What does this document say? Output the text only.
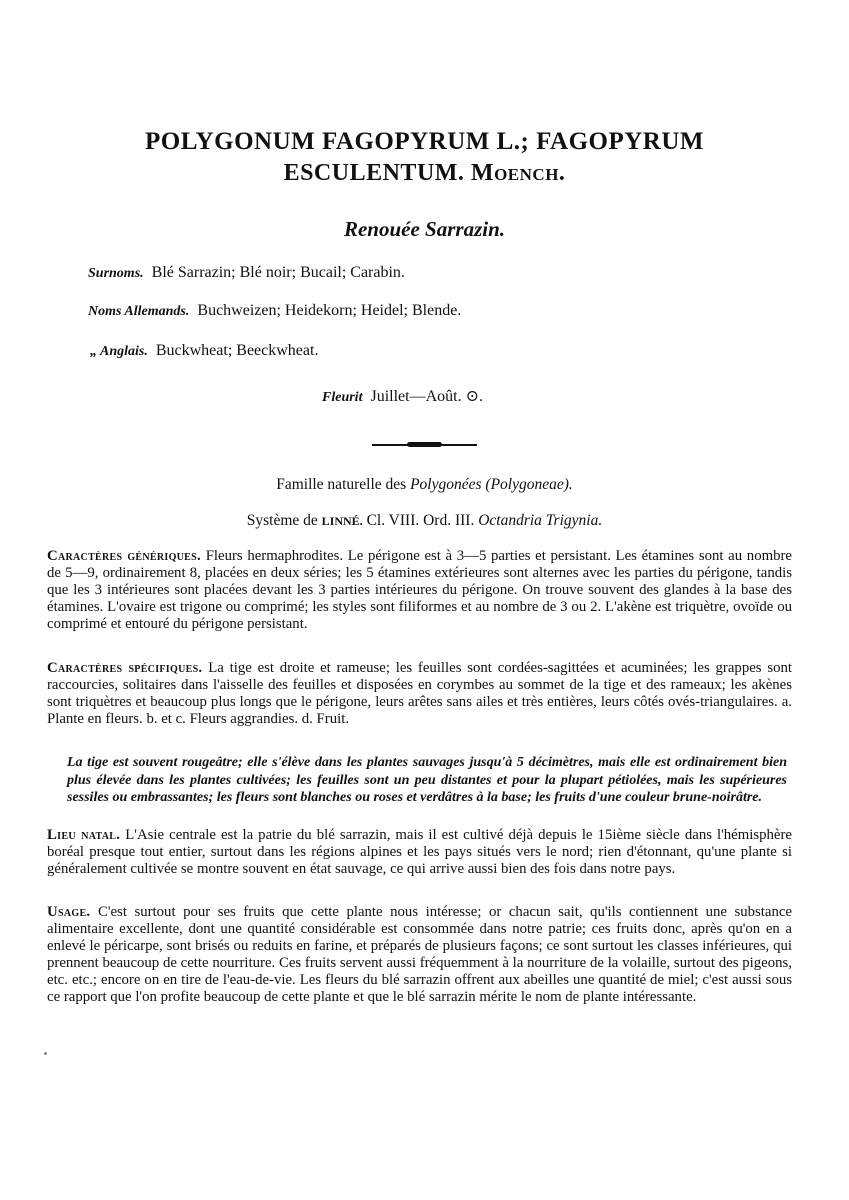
POLYGONUM FAGOPYRUM L.; FAGOPYRUM
ESCULENTUM. Moench.
Renouée Sarrazin.
Surnoms. Blé Sarrazin; Blé noir; Bucail; Carabin.
Noms Allemands. Buchweizen; Heidekorn; Heidel; Blende.
„ Anglais. Buckwheat; Beeckwheat.
Fleurit Juillet—Août. ⊙.
Famille naturelle des Polygonées (Polygoneae).
Système de LINNÉ. Cl. VIII. Ord. III. Octandria Trigynia.
Caractères génériques. Fleurs hermaphrodites. Le périgone est à 3—5 parties et persistant. Les étamines sont au nombre de 5—9, ordinairement 8, placées en deux séries; les 5 étamines extérieures sont alternes avec les parties du périgone, tandis que les 3 intérieures sont placées devant les 3 parties intérieures du périgone. On trouve souvent des glandes à la base des étamines. L'ovaire est trigone ou comprimé; les styles sont filiformes et au nombre de 3 ou 2. L'akène est triquètre, ovoïde ou comprimé et entouré du périgone persistant.
Caractères spécifiques. La tige est droite et rameuse; les feuilles sont cordées-sagittées et acuminées; les grappes sont raccourcies, solitaires dans l'aisselle des feuilles et disposées en corymbes au sommet de la tige et des rameaux; les akènes sont triquètres et beaucoup plus longs que le périgone, leurs arêtes sans ailes et très entières, leurs côtés ovés-triangulaires. a. Plante en fleurs. b. et c. Fleurs aggrandies. d. Fruit.
La tige est souvent rougeâtre; elle s'élève dans les plantes sauvages jusqu'à 5 décimètres, mais elle est ordinairement bien plus élevée dans les plantes cultivées; les feuilles sont un peu distantes et pour la plupart pétiolées, mais les supérieures sessiles ou embrassantes; les fleurs sont blanches ou roses et verdâtres à la base; les fruits d'une couleur brune-noirâtre.
Lieu natal. L'Asie centrale est la patrie du blé sarrazin, mais il est cultivé déjà depuis le 15ième siècle dans l'hémisphère boréal presque tout entier, surtout dans les régions alpines et les pays situés vers le nord; rien d'étonnant, qu'une plante si généralement cultivée se montre souvent en état sauvage, ce qui arrive aussi bien des fois dans notre pays.
Usage. C'est surtout pour ses fruits que cette plante nous intéresse; or chacun sait, qu'ils contiennent une substance alimentaire excellente, dont une quantité considérable est consommée dans notre patrie; ces fruits donc, après qu'on en a enlevé le péricarpe, sont brisés ou reduits en farine, et préparés de plusieurs façons; ce sont surtout les classes inférieures, qui prennent beaucoup de cette nourriture. Ces fruits servent aussi fréquemment à la nourriture de la volaille, surtout des pigeons, etc. etc.; encore on en tire de l'eau-de-vie. Les fleurs du blé sarrazin offrent aux abeilles une quantité de miel; c'est aussi sous ce rapport que l'on profite beaucoup de cette plante et que le blé sarrazin mérite le nom de plante intéressante.
